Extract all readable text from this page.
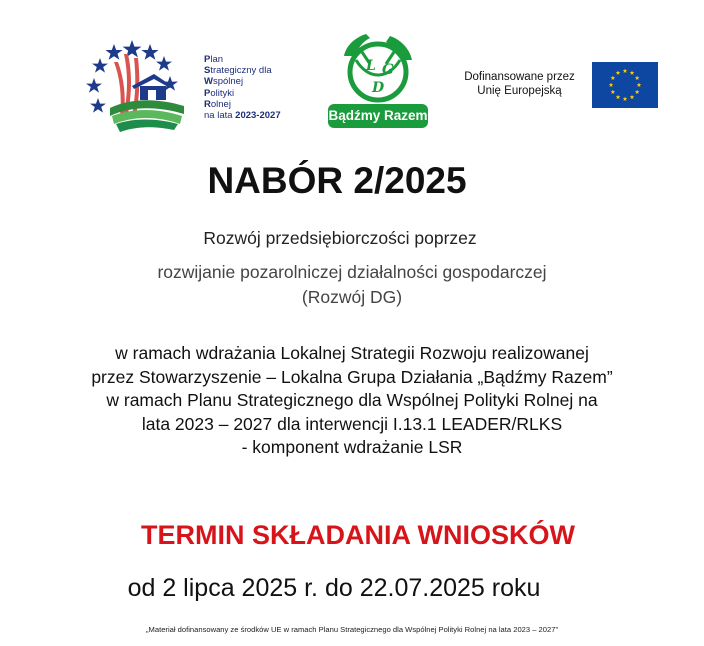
Plan
Strategiczny dla
Wspólnej
Polityki
Rolnej
na lata 2023-2027
L G
D
Bądźmy Razem
Dofinansowane przez
Unię Europejską
NABÓR 2/2025
Rozwój przedsiębiorczości poprzez
rozwijanie pozarolniczej działalności gospodarczej
(Rozwój DG)
w ramach wdrażania Lokalnej Strategii Rozwoju realizowanej
przez Stowarzyszenie – Lokalna Grupa Działania „Bądźmy Razem”
w ramach Planu Strategicznego dla Wspólnej Polityki Rolnej na
lata 2023 – 2027 dla interwencji I.13.1 LEADER/RLKS
- komponent wdrażanie LSR
TERMIN SKŁADANIA WNIOSKÓW
od 2 lipca 2025 r. do 22.07.2025 roku
„Materiał dofinansowany ze środków UE w ramach Planu Strategicznego dla Wspólnej Polityki Rolnej na lata 2023 – 2027”
